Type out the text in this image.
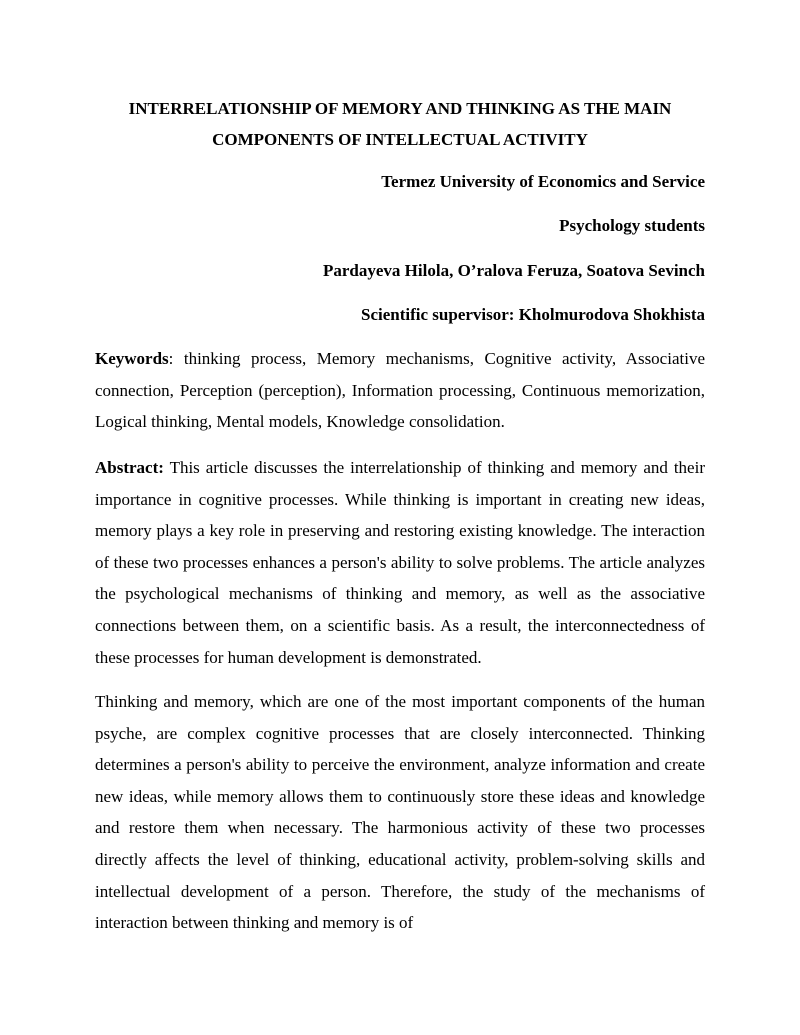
INTERRELATIONSHIP OF MEMORY AND THINKING AS THE MAIN
COMPONENTS OF INTELLECTUAL ACTIVITY
Termez University of Economics and Service
Psychology students
Pardayeva Hilola, O’ralova Feruza, Soatova Sevinch
Scientific supervisor: Kholmurodova Shokhista

Keywords: thinking process, Memory mechanisms, Cognitive activity, Associative connection, Perception (perception), Information processing, Continuous memorization, Logical thinking, Mental models, Knowledge consolidation.

Abstract: This article discusses the interrelationship of thinking and memory and their importance in cognitive processes. While thinking is important in creating new ideas, memory plays a key role in preserving and restoring existing knowledge. The interaction of these two processes enhances a person's ability to solve problems. The article analyzes the psychological mechanisms of thinking and memory, as well as the associative connections between them, on a scientific basis. As a result, the interconnectedness of these processes for human development is demonstrated.

Thinking and memory, which are one of the most important components of the human psyche, are complex cognitive processes that are closely interconnected. Thinking determines a person's ability to perceive the environment, analyze information and create new ideas, while memory allows them to continuously store these ideas and knowledge and restore them when necessary. The harmonious activity of these two processes directly affects the level of thinking, educational activity, problem-solving skills and intellectual development of a person. Therefore, the study of the mechanisms of interaction between thinking and memory is of
